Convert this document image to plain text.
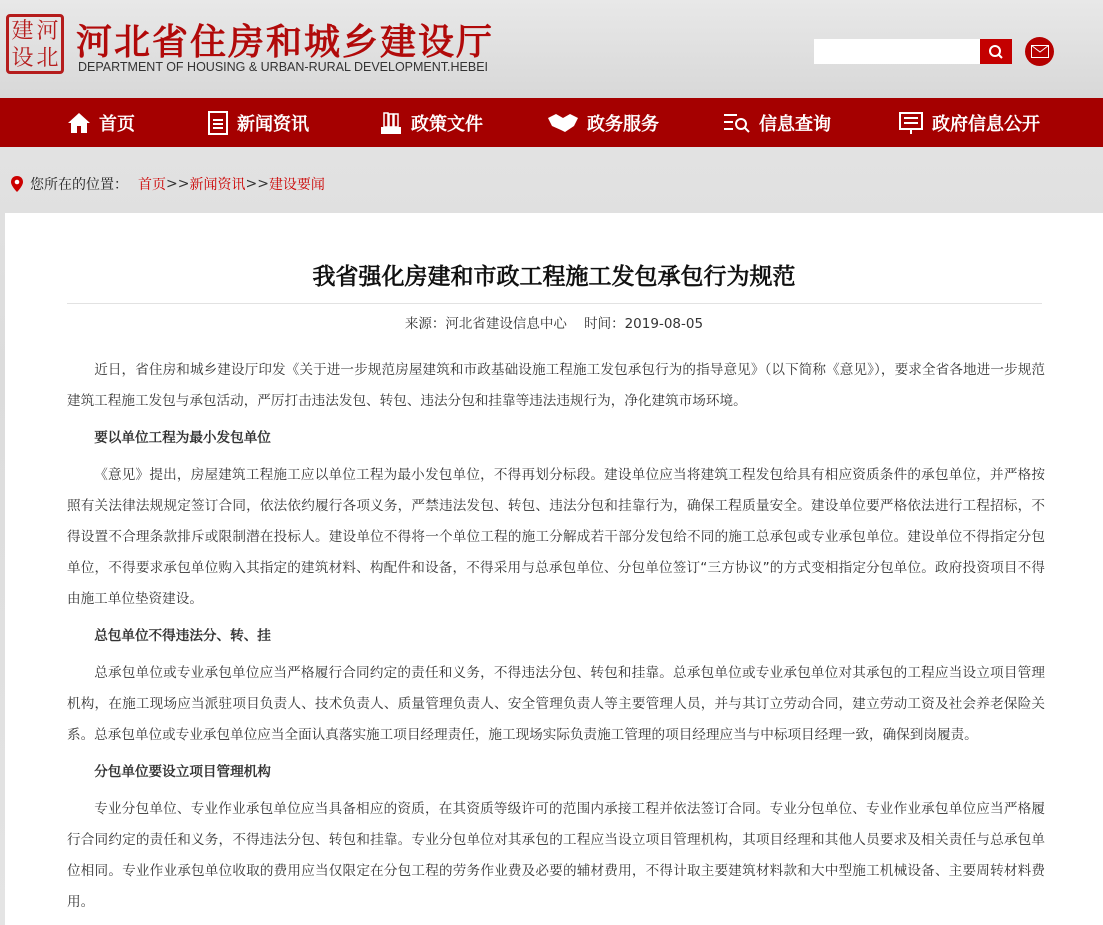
建 河
设 北 河北省住房和城乡建设厅
DEPARTMENT OF HOUSING & URBAN-RURAL DEVELOPMENT.HEBEI
首页	新闻资讯	政策文件	政务服务	信息查询	政府信息公开
您所在的位置： 首页 >> 新闻资讯 >> 建设要闻
我省强化房建和市政工程施工发包承包行为规范
来源：河北省建设信息中心 时间：2019-08-05

近日，省住房和城乡建设厅印发《关于进一步规范房屋建筑和市政基础设施工程施工发包承包行为的指导意见》（以下简称《意见》），要求全省各地进一步规范建筑工程施工发包与承包活动，严厉打击违法发包、转包、违法分包和挂靠等违法违规行为，净化建筑市场环境。

要以单位工程为最小发包单位

《意见》提出，房屋建筑工程施工应以单位工程为最小发包单位，不得再划分标段。建设单位应当将建筑工程发包给具有相应资质条件的承包单位，并严格按照有关法律法规规定签订合同，依法依约履行各项义务，严禁违法发包、转包、违法分包和挂靠行为，确保工程质量安全。建设单位要严格依法进行工程招标，不得设置不合理条款排斥或限制潜在投标人。建设单位不得将一个单位工程的施工分解成若干部分发包给不同的施工总承包或专业承包单位。建设单位不得指定分包单位，不得要求承包单位购入其指定的建筑材料、构配件和设备，不得采用与总承包单位、分包单位签订“三方协议”的方式变相指定分包单位。政府投资项目不得由施工单位垫资建设。

总包单位不得违法分、转、挂

总承包单位或专业承包单位应当严格履行合同约定的责任和义务，不得违法分包、转包和挂靠。总承包单位或专业承包单位对其承包的工程应当设立项目管理机构，在施工现场应当派驻项目负责人、技术负责人、质量管理负责人、安全管理负责人等主要管理人员，并与其订立劳动合同，建立劳动工资及社会养老保险关系。总承包单位或专业承包单位应当全面认真落实施工项目经理责任，施工现场实际负责施工管理的项目经理应当与中标项目经理一致，确保到岗履责。

分包单位要设立项目管理机构

专业分包单位、专业作业承包单位应当具备相应的资质，在其资质等级许可的范围内承接工程并依法签订合同。专业分包单位、专业作业承包单位应当严格履行合同约定的责任和义务，不得违法分包、转包和挂靠。专业分包单位对其承包的工程应当设立项目管理机构，其项目经理和其他人员要求及相关责任与总承包单位相同。专业作业承包单位收取的费用应当仅限定在分包工程的劳务作业费及必要的辅材费用，不得计取主要建筑材料款和大中型施工机械设备、主要周转材料费用。
